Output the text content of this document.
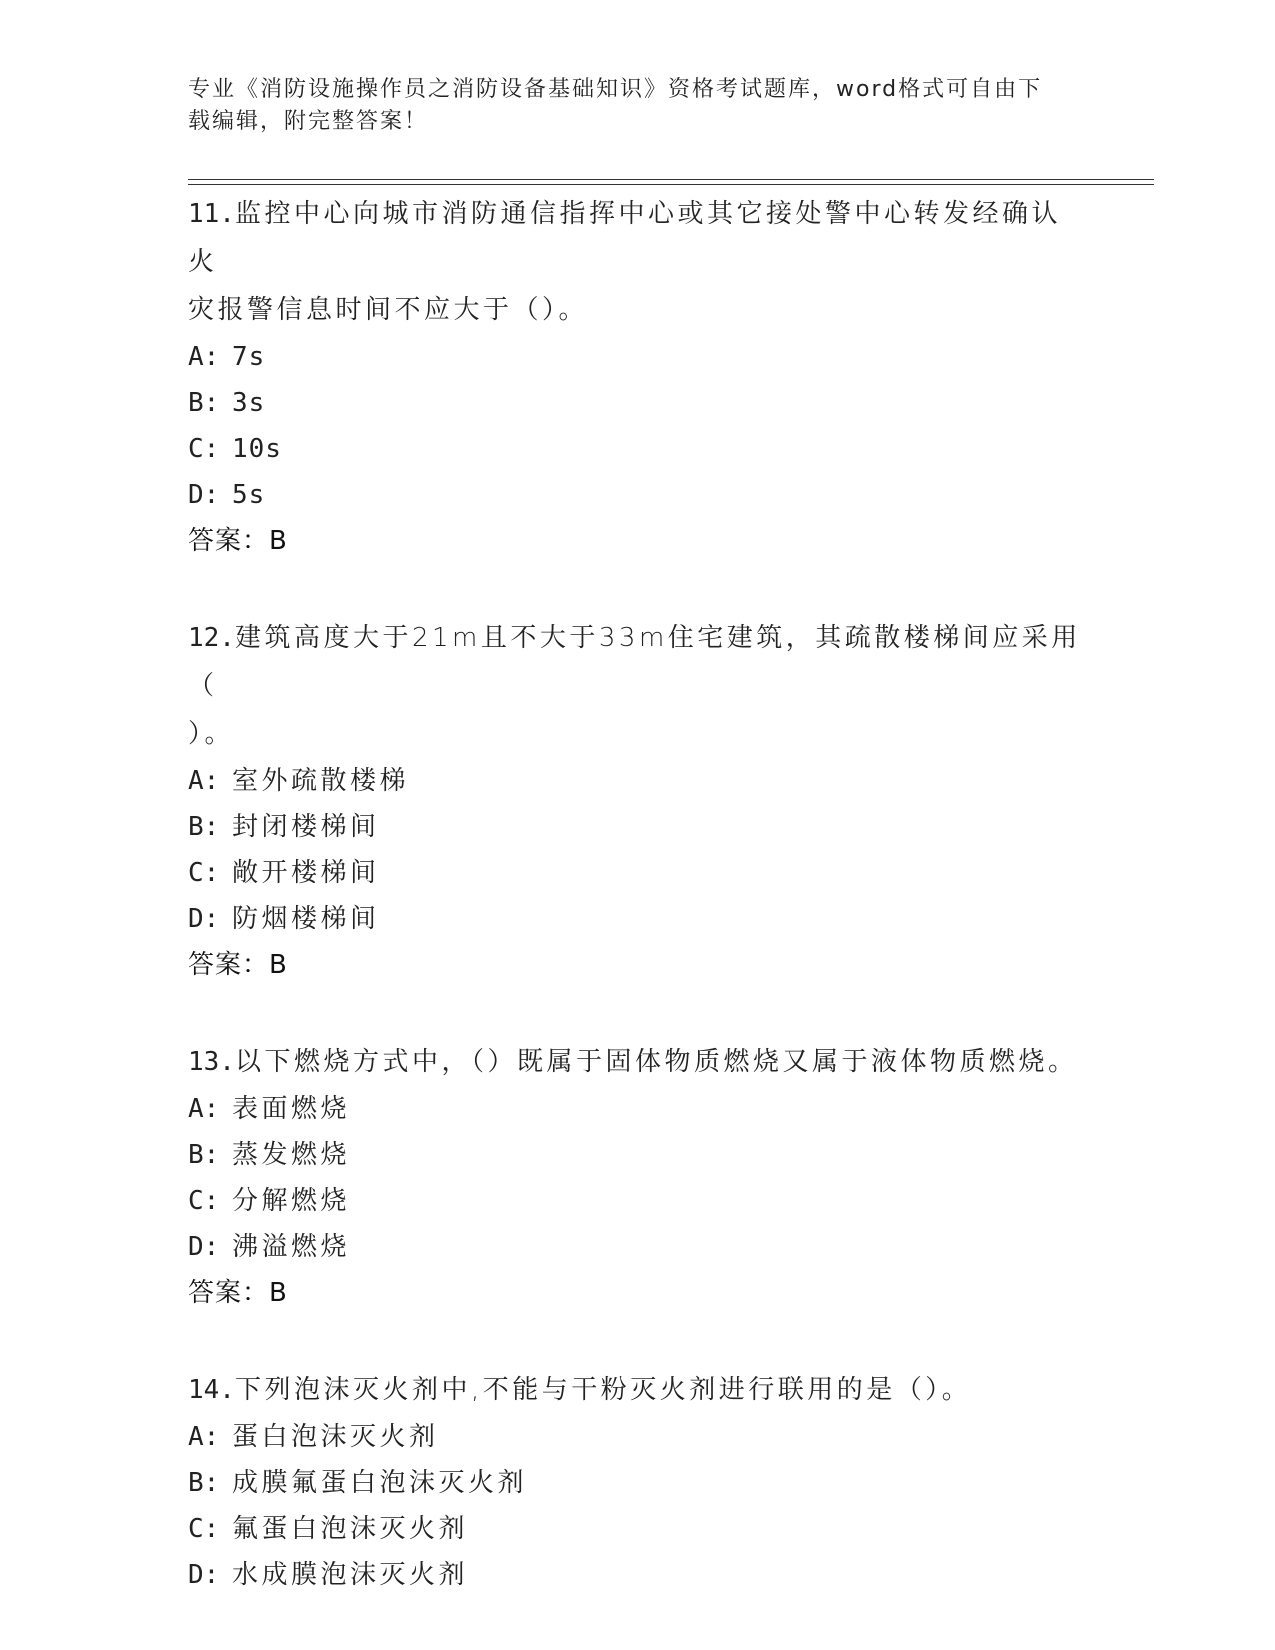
专业《消防设施操作员之消防设备基础知识》资格考试题库，word格式可自由下
载编辑，附完整答案！
11.监控中心向城市消防通信指挥中心或其它接处警中心转发经确认火
灾报警信息时间不应大于（）。
A: 7s
B: 3s
C: 10s
D: 5s
答案：B
12.建筑高度大于21m且不大于33m住宅建筑，其疏散楼梯间应采用（
）。
A: 室外疏散楼梯
B: 封闭楼梯间
C: 敞开楼梯间
D: 防烟楼梯间
答案：B
13.以下燃烧方式中，（）既属于固体物质燃烧又属于液体物质燃烧。
A: 表面燃烧
B: 蒸发燃烧
C: 分解燃烧
D: 沸溢燃烧
答案：B
14.下列泡沫灭火剂中,不能与干粉灭火剂进行联用的是（）。
A: 蛋白泡沫灭火剂
B: 成膜氟蛋白泡沫灭火剂
C: 氟蛋白泡沫灭火剂
D: 水成膜泡沫灭火剂
